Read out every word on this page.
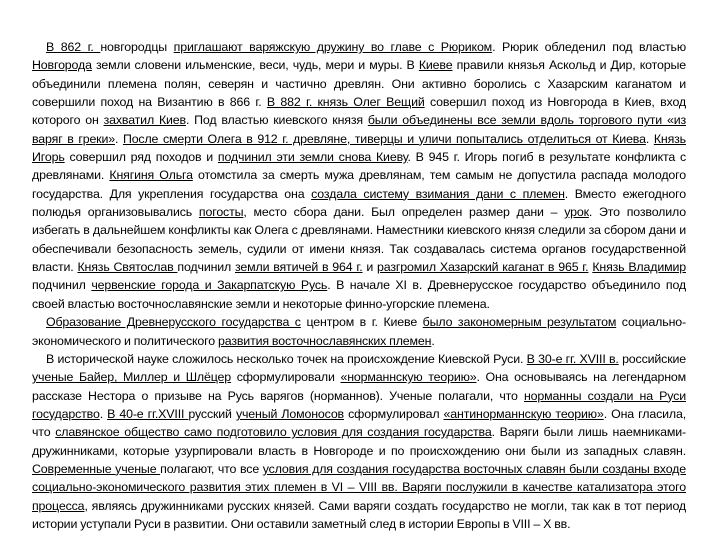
В 862 г. новгородцы приглашают варяжскую дружину во главе с Рюриком. Рюрик обледенил под властью Новгорода земли словени ильменские, веси, чудь, мери и муры. В Киеве правили князья Аскольд и Дир, которые объединили племена полян, северян и частично древлян. Они активно боролись с Хазарским каганатом и совершили поход на Византию в 866 г. В 882 г. князь Олег Вещий совершил поход из Новгорода в Киев, вход которого он захватил Киев. Под властью киевского князя были объединены все земли вдоль торгового пути «из варяг в греки». После смерти Олега в 912 г. древляне, тиверцы и уличи попытались отделиться от Киева. Князь Игорь совершил ряд походов и подчинил эти земли снова Киеву. В 945 г. Игорь погиб в результате конфликта с древлянами. Княгиня Ольга отомстила за смерть мужа древлянам, тем самым не допустила распада молодого государства. Для укрепления государства она создала систему взимания дани с племен. Вместо ежегодного полюдья организовывались погосты, место сбора дани. Был определен размер дани – урок. Это позволило избегать в дальнейшем конфликты как Олега с древлянами. Наместники киевского князя следили за сбором дани и обеспечивали безопасность земель, судили от имени князя. Так создавалась система органов государственной власти. Князь Святослав подчинил земли вятичей в 964 г. и разгромил Хазарский каганат в 965 г. Князь Владимир подчинил червенские города и Закарпатскую Русь. В начале XI в. Древнерусское государство объединило под своей властью восточнославянские земли и некоторые финно-угорские племена.

Образование Древнерусского государства с центром в г. Киеве было закономерным результатом социально-экономического и политического развития восточнославянских племен.

В исторической науке сложилось несколько точек на происхождение Киевской Руси. В 30-е гг. XVIII в. российские ученые Байер, Миллер и Шлёцер сформулировали «норманнскую теорию». Она основываясь на легендарном рассказе Нестора о призыве на Русь варягов (норманнов). Ученые полагали, что норманны создали на Руси государство. В 40-е гг.XVIII русский ученый Ломоносов сформулировал «антинорманнскую теорию». Она гласила, что славянское общество само подготовило условия для создания государства. Варяги были лишь наемниками-дружинниками, которые узурпировали власть в Новгороде и по происхождению они были из западных славян. Современные ученые полагают, что все условия для создания государства восточных славян были созданы входе социально-экономического развития этих племен в VI – VIII вв. Варяги послужили в качестве катализатора этого процесса, являясь дружинниками русских князей. Сами варяги создать государство не могли, так как в тот период истории уступали Руси в развитии. Они оставили заметный след в истории Европы в VIII – X вв.
